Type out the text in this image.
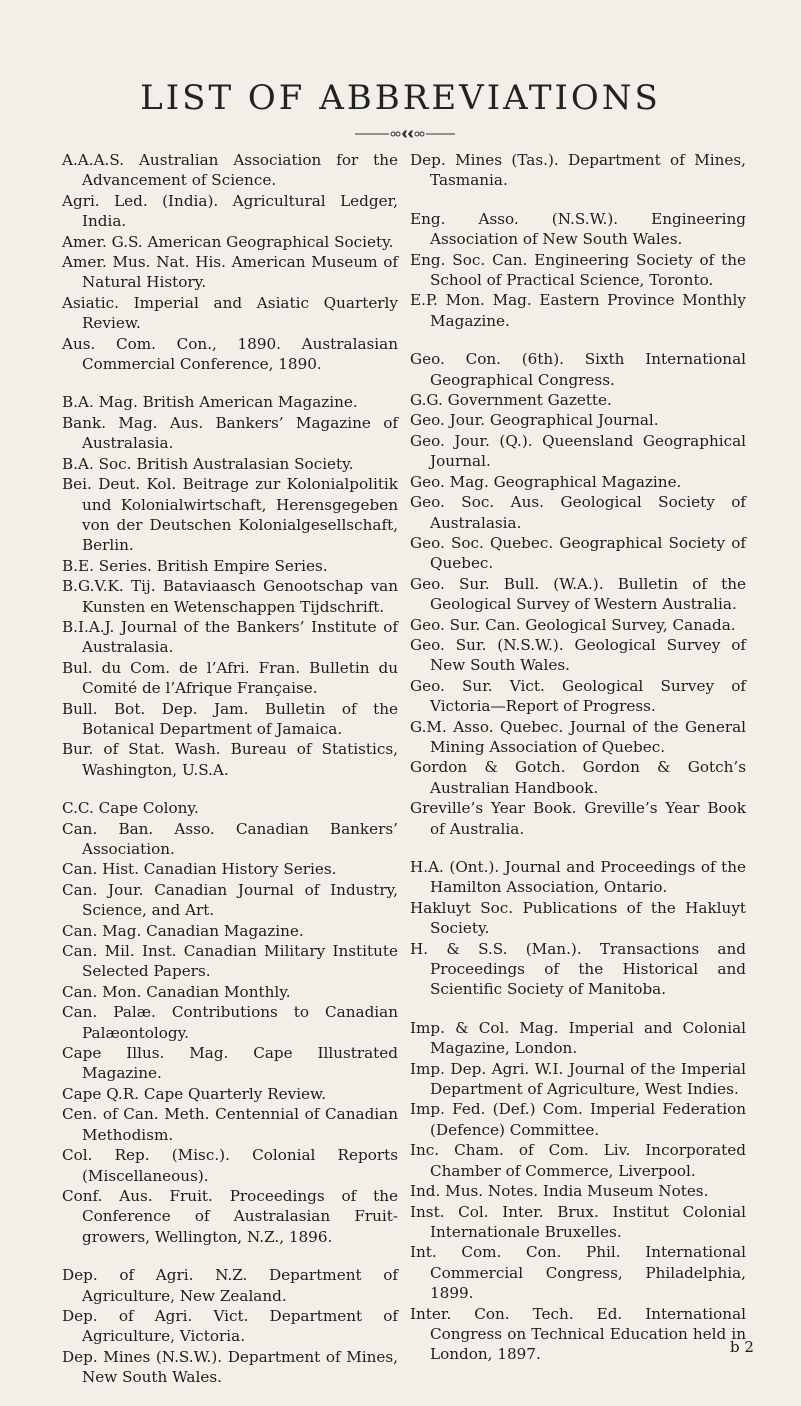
LIST OF ABBREVIATIONS

A.A.A.S. Australian Association for the Advancement of Science.

Agri. Led. (India). Agricultural Ledger, India.

Amer. G.S. American Geographical Society.

Amer. Mus. Nat. His. American Museum of Natural History.

Asiatic. Imperial and Asiatic Quarterly Review.

Aus. Com. Con., 1890. Australasian Commercial Conference, 1890.

B.A. Mag. British American Magazine.

Bank. Mag. Aus. Bankers’ Magazine of Australasia.

B.A. Soc. British Australasian Society.

Bei. Deut. Kol. Beitrage zur Kolonialpolitik und Kolonialwirtschaft, Herensgegeben von der Deutschen Kolonialgesellschaft, Berlin.

B.E. Series. British Empire Series.

B.G.V.K. Tij. Bataviaasch Genootschap van Kunsten en Wetenschappen Tijdschrift.

B.I.A.J. Journal of the Bankers’ Institute of Australasia.

Bul. du Com. de l’Afri. Fran. Bulletin du Comité de l’Afrique Française.

Bull. Bot. Dep. Jam. Bulletin of the Botanical Department of Jamaica.

Bur. of Stat. Wash. Bureau of Statistics, Washington, U.S.A.

C.C. Cape Colony.

Can. Ban. Asso. Canadian Bankers’ Association.

Can. Hist. Canadian History Series.

Can. Jour. Canadian Journal of Industry, Science, and Art.

Can. Mag. Canadian Magazine.

Can. Mil. Inst. Canadian Military Institute Selected Papers.

Can. Mon. Canadian Monthly.

Can. Palæ. Contributions to Canadian Palæontology.

Cape Illus. Mag. Cape Illustrated Magazine.

Cape Q.R. Cape Quarterly Review.

Cen. of Can. Meth. Centennial of Canadian Methodism.

Col. Rep. (Misc.). Colonial Reports (Miscellaneous).

Conf. Aus. Fruit. Proceedings of the Conference of Australasian Fruit-growers, Wellington, N.Z., 1896.

Dep. of Agri. N.Z. Department of Agriculture, New Zealand.

Dep. of Agri. Vict. Department of Agriculture, Victoria.

Dep. Mines (N.S.W.). Department of Mines, New South Wales.

Dep. Mines (Tas.). Department of Mines, Tasmania.

Eng. Asso. (N.S.W.). Engineering Association of New South Wales.

Eng. Soc. Can. Engineering Society of the School of Practical Science, Toronto.

E.P. Mon. Mag. Eastern Province Monthly Magazine.

Geo. Con. (6th). Sixth International Geographical Congress.

G.G. Government Gazette.

Geo. Jour. Geographical Journal.

Geo. Jour. (Q.). Queensland Geographical Journal.

Geo. Mag. Geographical Magazine.

Geo. Soc. Aus. Geological Society of Australasia.

Geo. Soc. Quebec. Geographical Society of Quebec.

Geo. Sur. Bull. (W.A.). Bulletin of the Geological Survey of Western Australia.

Geo. Sur. Can. Geological Survey, Canada.

Geo. Sur. (N.S.W.). Geological Survey of New South Wales.

Geo. Sur. Vict. Geological Survey of Victoria—Report of Progress.

G.M. Asso. Quebec. Journal of the General Mining Association of Quebec.

Gordon & Gotch. Gordon & Gotch’s Australian Handbook.

Greville’s Year Book. Greville’s Year Book of Australia.

H.A. (Ont.). Journal and Proceedings of the Hamilton Association, Ontario.

Hakluyt Soc. Publications of the Hakluyt Society.

H. & S.S. (Man.). Transactions and Proceedings of the Historical and Scientific Society of Manitoba.

Imp. & Col. Mag. Imperial and Colonial Magazine, London.

Imp. Dep. Agri. W.I. Journal of the Imperial Department of Agriculture, West Indies.

Imp. Fed. (Def.) Com. Imperial Federation (Defence) Committee.

Inc. Cham. of Com. Liv. Incorporated Chamber of Commerce, Liverpool.

Ind. Mus. Notes. India Museum Notes.

Inst. Col. Inter. Brux. Institut Colonial Internationale Bruxelles.

Int. Com. Con. Phil. International Commercial Congress, Philadelphia, 1899.

Inter. Con. Tech. Ed. International Congress on Technical Education held in London, 1897.	b 2
